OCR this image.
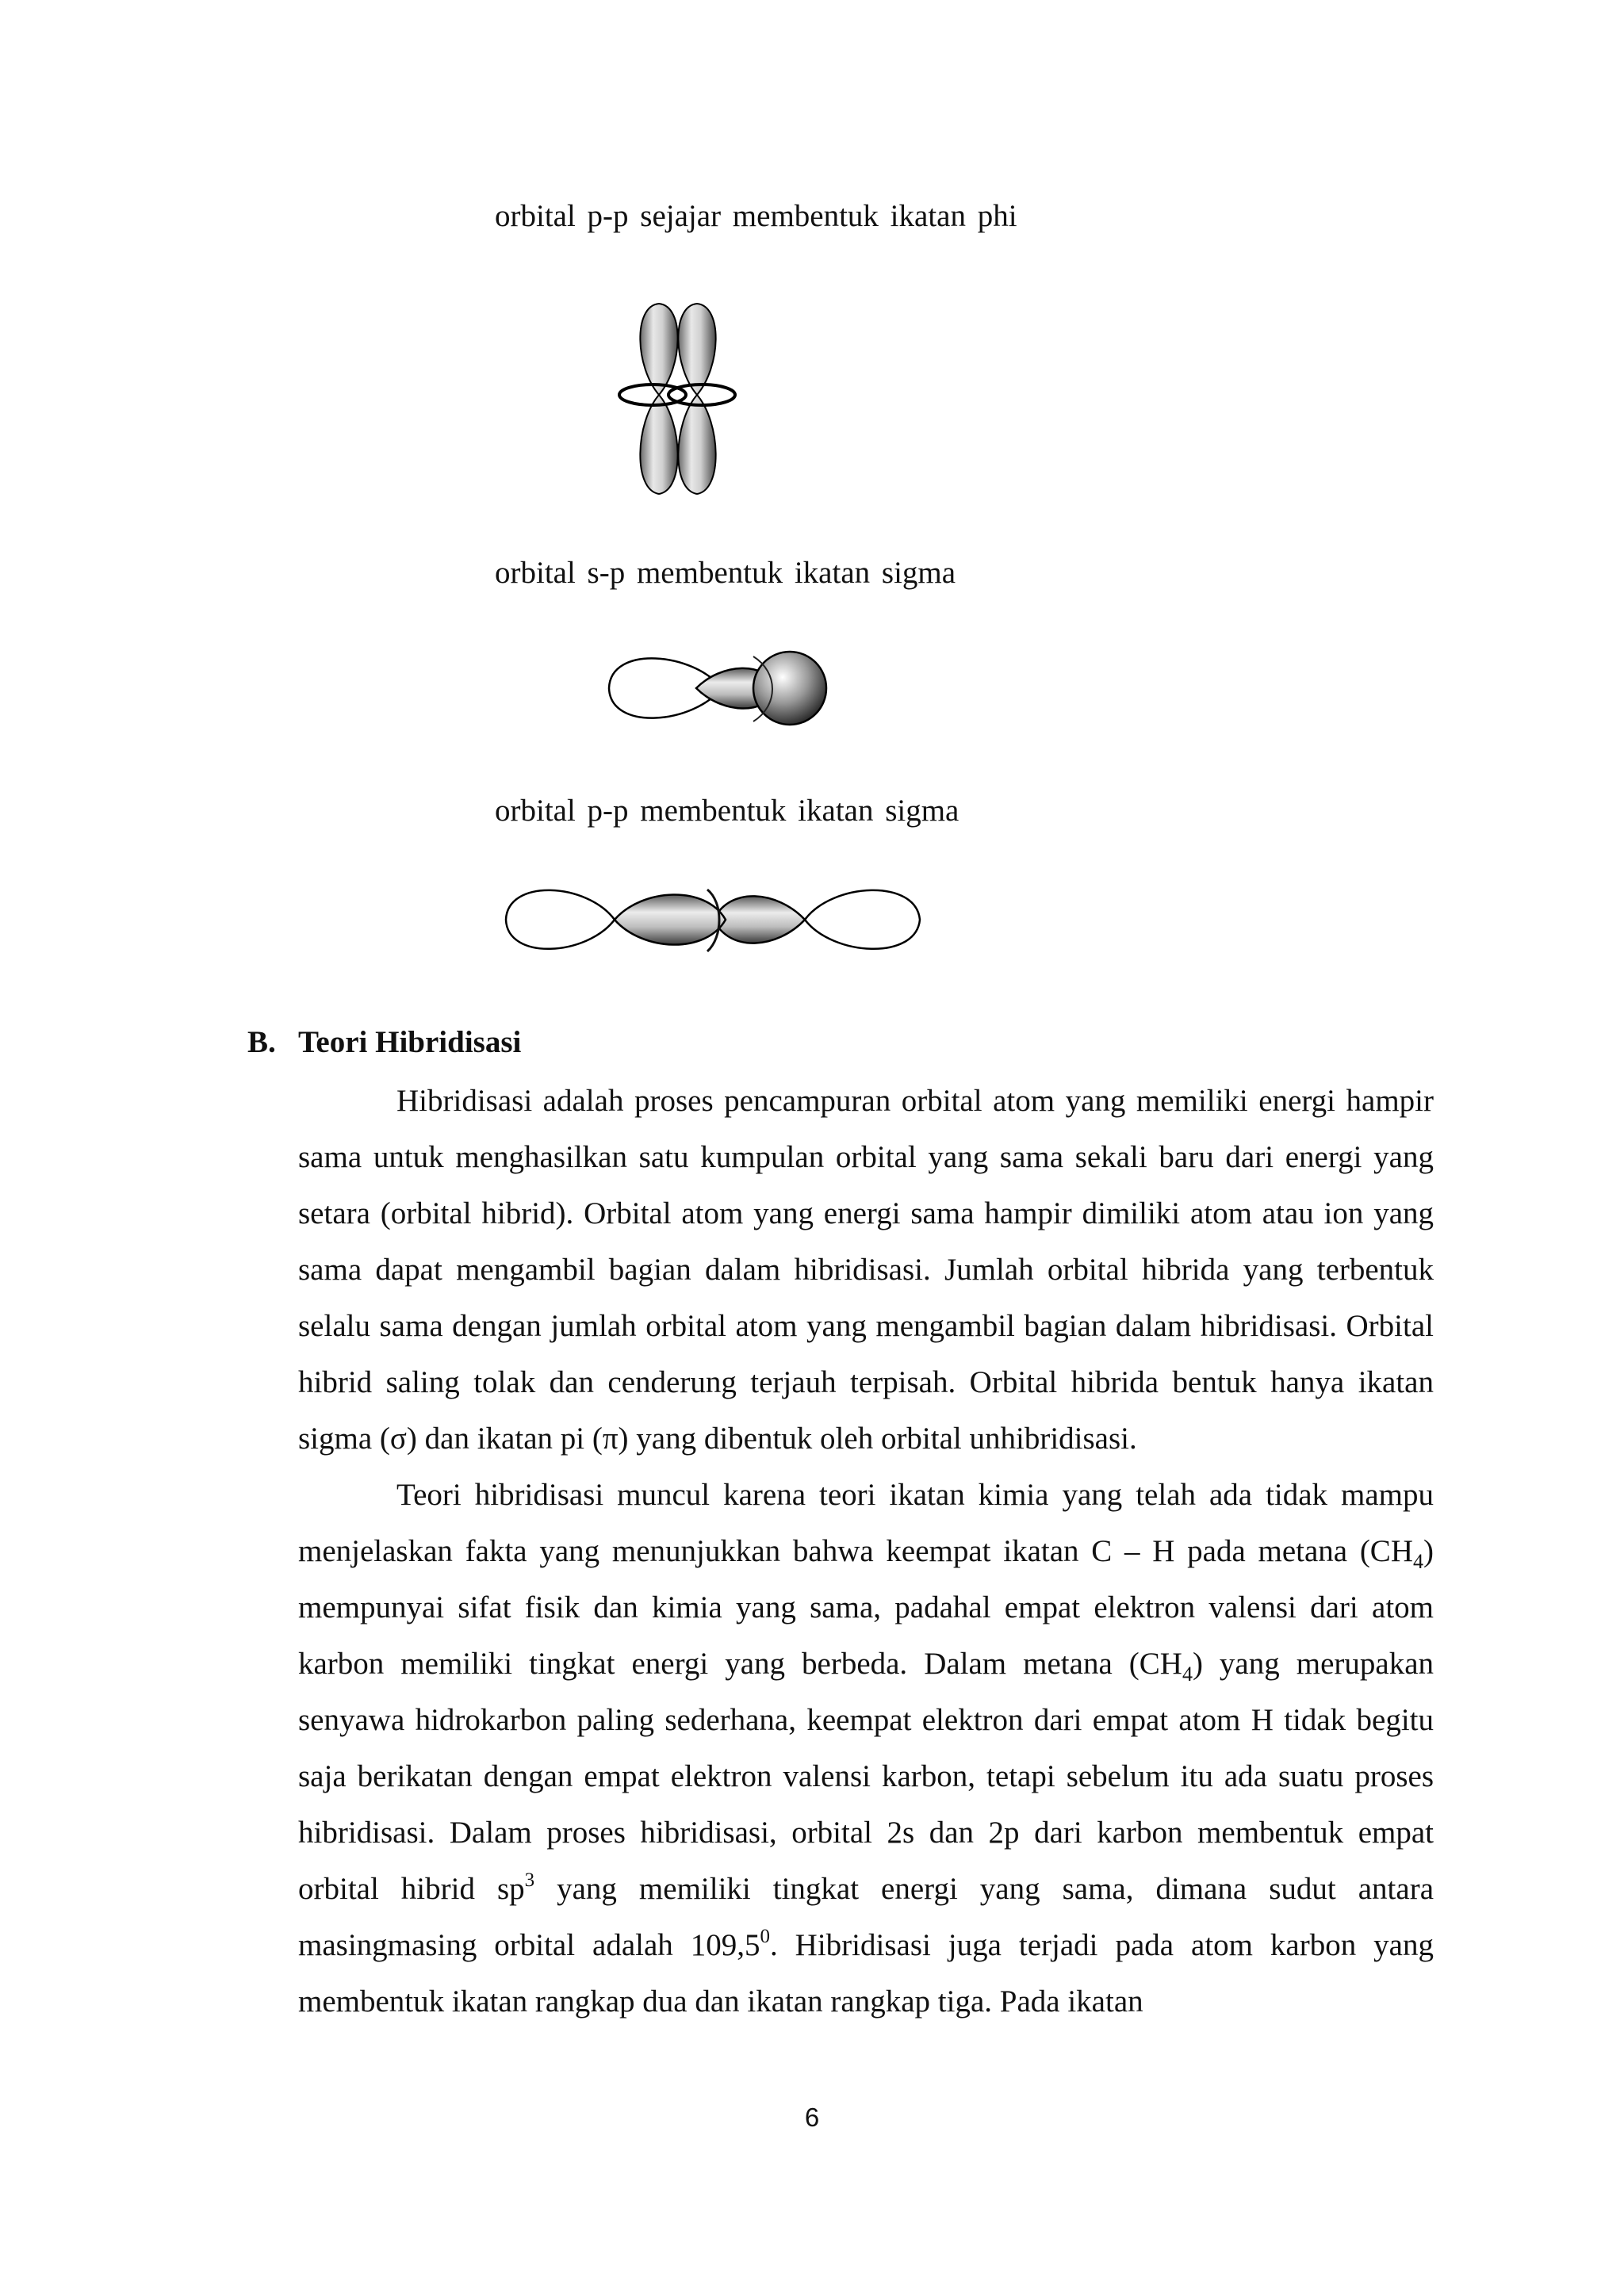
orbital p-p sejajar membentuk ikatan phi
orbital s-p membentuk ikatan sigma
orbital p-p membentuk ikatan sigma
B. Teori Hibridisasi

Hibridisasi adalah proses pencampuran orbital atom yang memiliki energi hampir sama untuk menghasilkan satu kumpulan orbital yang sama sekali baru dari energi yang setara (orbital hibrid). Orbital atom yang energi sama hampir dimiliki atom atau ion yang sama dapat mengambil bagian dalam hibridisasi. Jumlah orbital hibrida yang terbentuk selalu sama dengan jumlah orbital atom yang mengambil bagian dalam hibridisasi. Orbital hibrid saling tolak dan cenderung terjauh terpisah. Orbital hibrida bentuk hanya ikatan sigma (σ) dan ikatan pi (π) yang dibentuk oleh orbital unhibridisasi.

Teori hibridisasi muncul karena teori ikatan kimia yang telah ada tidak mampu menjelaskan fakta yang menunjukkan bahwa keempat ikatan C – H pada metana $(CH_4)$ mempunyai sifat fisik dan kimia yang sama, padahal empat elektron valensi dari atom karbon memiliki tingkat energi yang berbeda. Dalam metana $(CH_4)$ yang merupakan senyawa hidrokarbon paling sederhana, keempat elektron dari empat atom H tidak begitu saja berikatan dengan empat elektron valensi karbon, tetapi sebelum itu ada suatu proses hibridisasi. Dalam proses hibridisasi, orbital 2s dan 2p dari karbon membentuk empat orbital hibrid $sp^3$ yang memiliki tingkat energi yang sama, dimana sudut antara masingmasing orbital adalah 109,5$^0$. Hibridisasi juga terjadi pada atom karbon yang membentuk ikatan rangkap dua dan ikatan rangkap tiga. Pada ikatan

6
